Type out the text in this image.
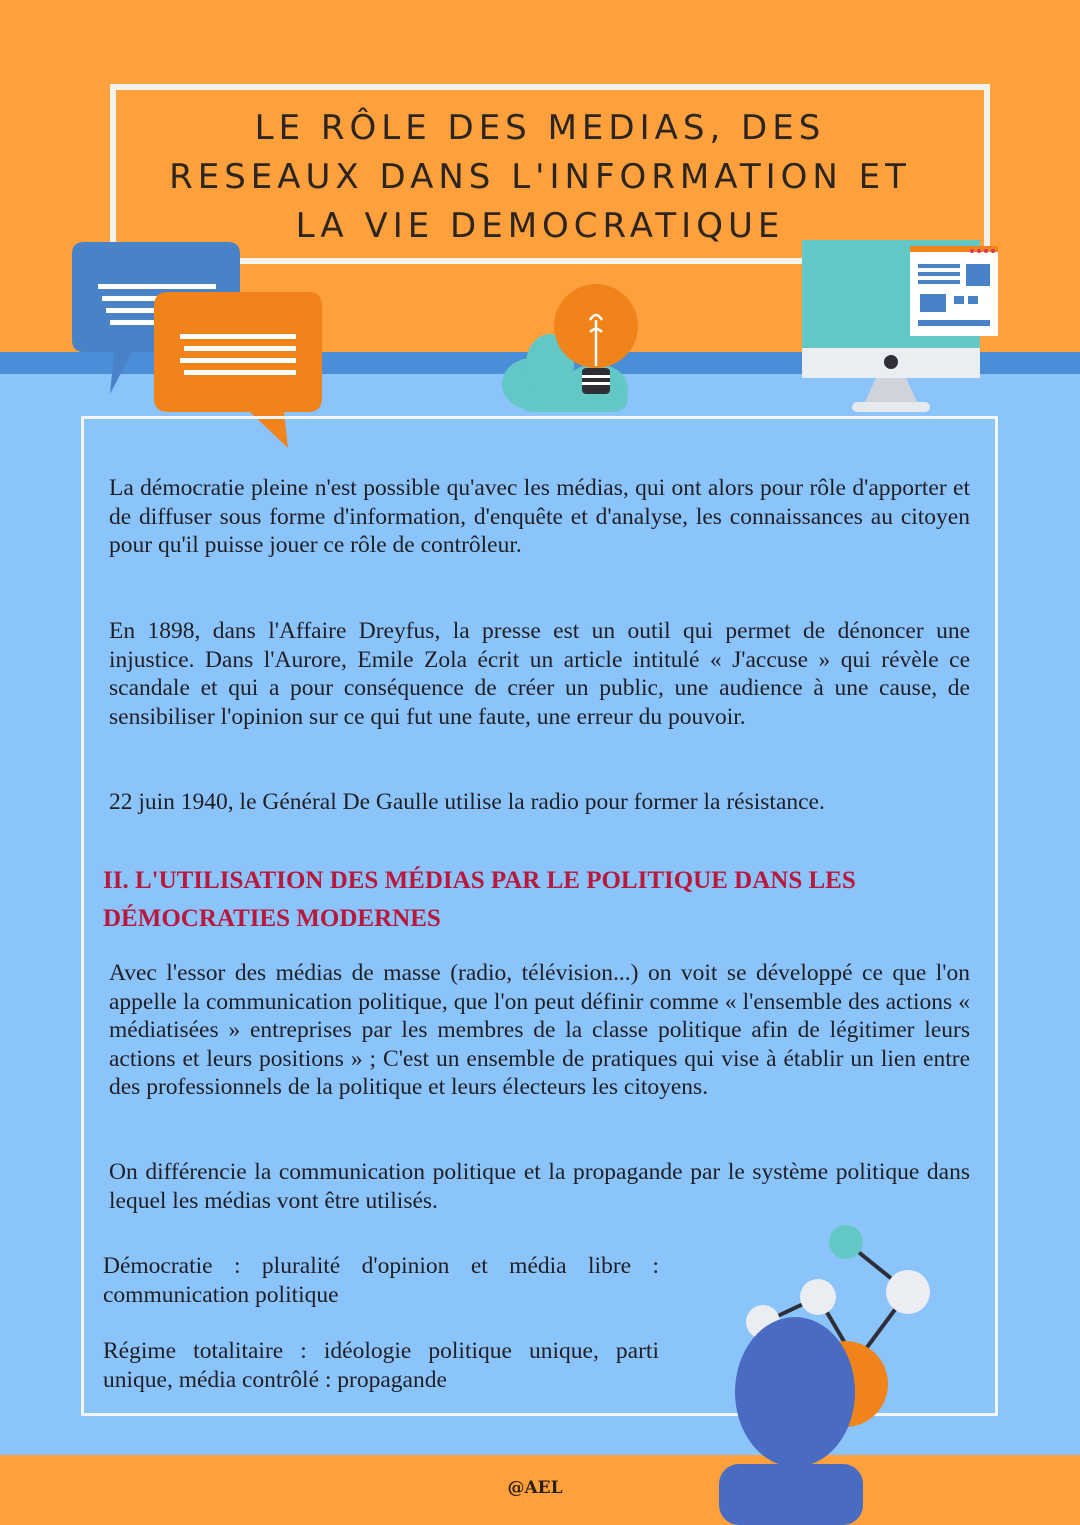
LE RÔLE DES MEDIAS, DES
RESEAUX DANS L'INFORMATION ET
LA VIE DEMOCRATIQUE

La démocratie pleine n'est possible qu'avec les médias, qui ont alors pour rôle d'apporter et de diffuser sous forme d'information, d'enquête et d'analyse, les connaissances au citoyen pour qu'il puisse jouer ce rôle de contrôleur.

En 1898, dans l'Affaire Dreyfus, la presse est un outil qui permet de dénoncer une injustice. Dans l'Aurore, Emile Zola écrit un article intitulé « J'accuse » qui révèle ce scandale et qui a pour conséquence de créer un public, une audience à une cause, de sensibiliser l'opinion sur ce qui fut une faute, une erreur du pouvoir.

22 juin 1940, le Général De Gaulle utilise la radio pour former la résistance.

II. L'UTILISATION DES MÉDIAS PAR LE POLITIQUE DANS LES
DÉMOCRATIES MODERNES

Avec l'essor des médias de masse (radio, télévision...) on voit se développé ce que l'on appelle la communication politique, que l'on peut définir comme « l'ensemble des actions « médiatisées » entreprises par les membres de la classe politique afin de légitimer leurs actions et leurs positions » ; C'est un ensemble de pratiques qui vise à établir un lien entre des professionnels de la politique et leurs électeurs les citoyens.

On différencie la communication politique et la propagande par le système politique dans lequel les médias vont être utilisés.

Démocratie : pluralité d'opinion et média libre : communication politique

Régime totalitaire : idéologie politique unique, parti unique, média contrôlé : propagande

@AEL
